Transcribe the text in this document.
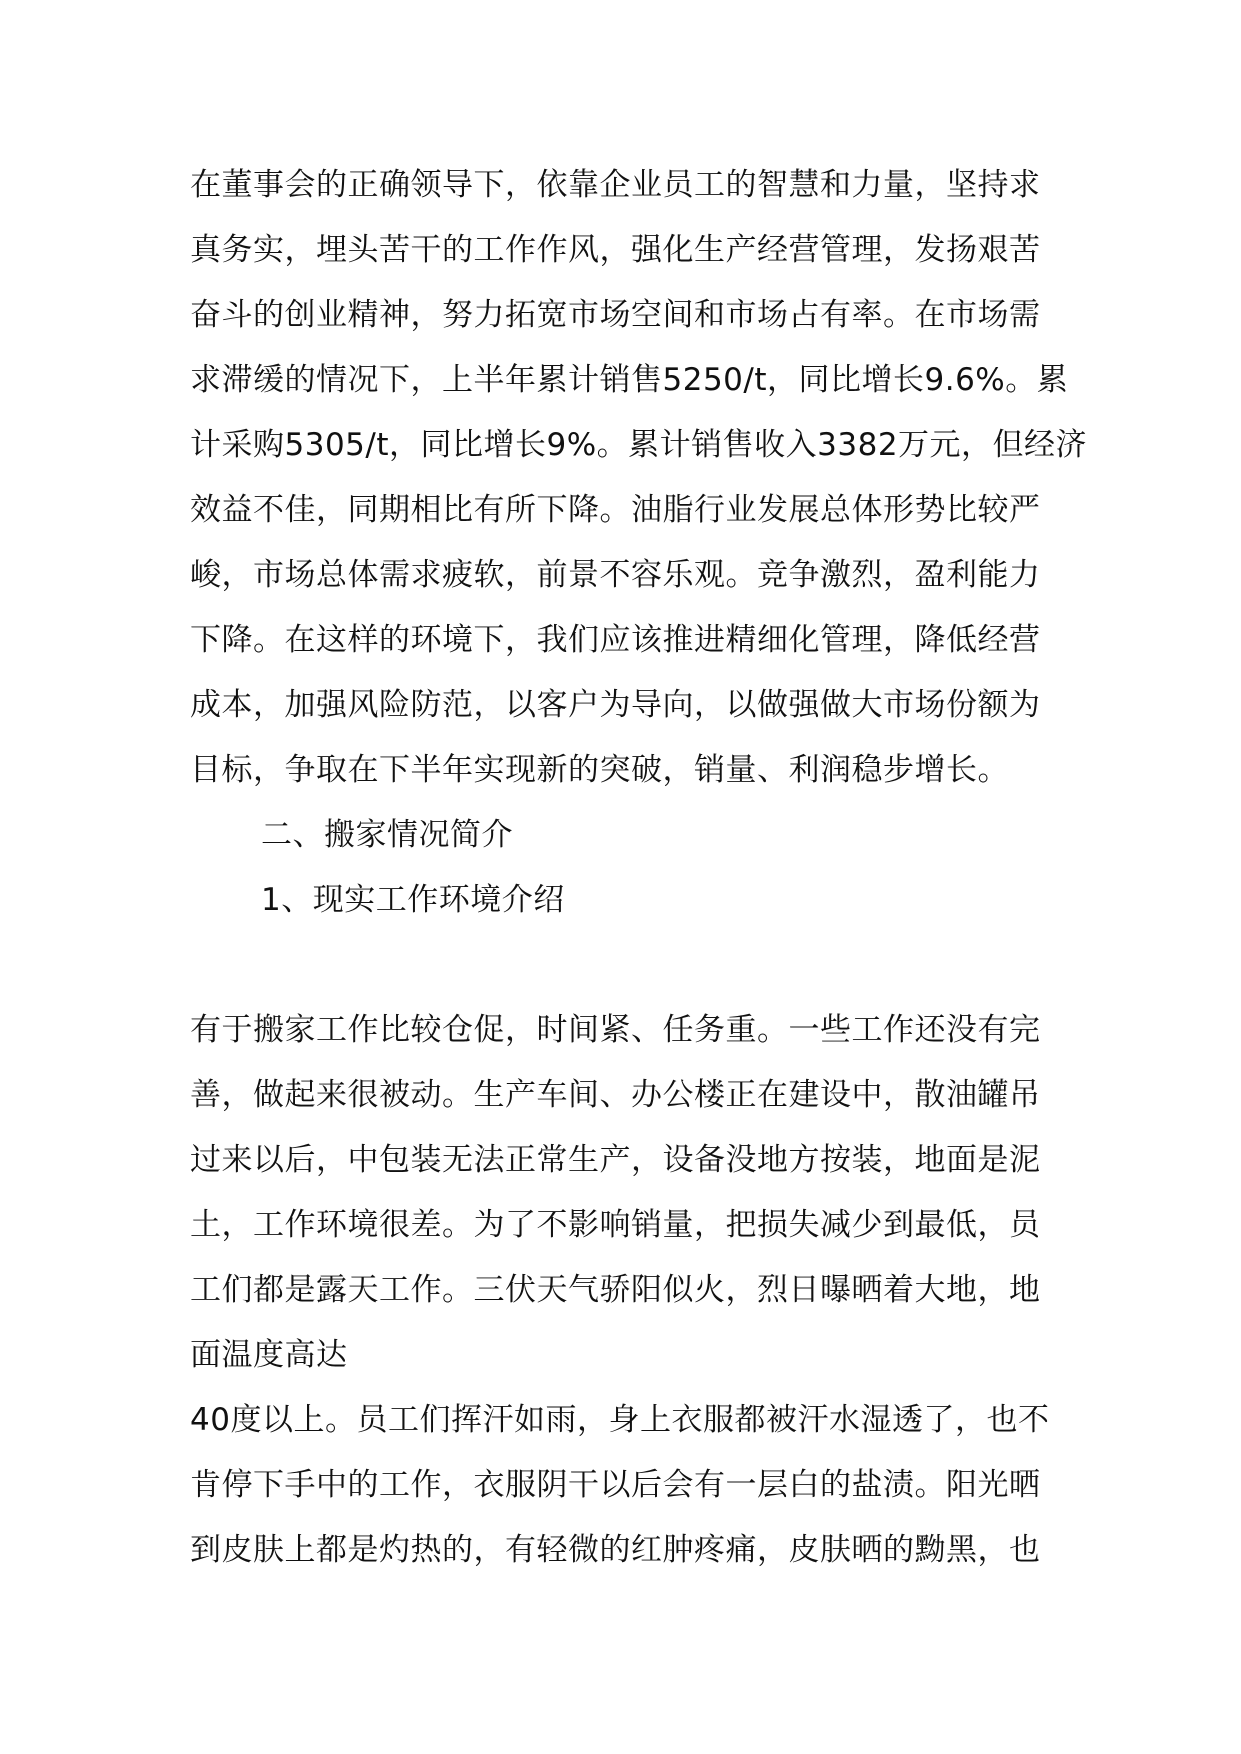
在董事会的正确领导下，依靠企业员工的智慧和力量，坚持求
真务实，埋头苦干的工作作风，强化生产经营管理，发扬艰苦
奋斗的创业精神，努力拓宽市场空间和市场占有率。在市场需
求滞缓的情况下，上半年累计销售5250/t，同比增长9.6%。累
计采购5305/t，同比增长9%。累计销售收入3382万元，但经济
效益不佳，同期相比有所下降。油脂行业发展总体形势比较严
峻，市场总体需求疲软，前景不容乐观。竞争激烈，盈利能力
下降。在这样的环境下，我们应该推进精细化管理，降低经营
成本，加强风险防范，以客户为导向，以做强做大市场份额为
目标，争取在下半年实现新的突破，销量、利润稳步增长。
二、搬家情况简介
1、现实工作环境介绍
有于搬家工作比较仓促，时间紧、任务重。一些工作还没有完
善，做起来很被动。生产车间、办公楼正在建设中，散油罐吊
过来以后，中包装无法正常生产，设备没地方按装，地面是泥
土，工作环境很差。为了不影响销量，把损失减少到最低，员
工们都是露天工作。三伏天气骄阳似火，烈日曝晒着大地，地
面温度高达
40度以上。员工们挥汗如雨，身上衣服都被汗水湿透了，也不
肯停下手中的工作，衣服阴干以后会有一层白的盐渍。阳光晒
到皮肤上都是灼热的，有轻微的红肿疼痛，皮肤晒的黝黑，也
